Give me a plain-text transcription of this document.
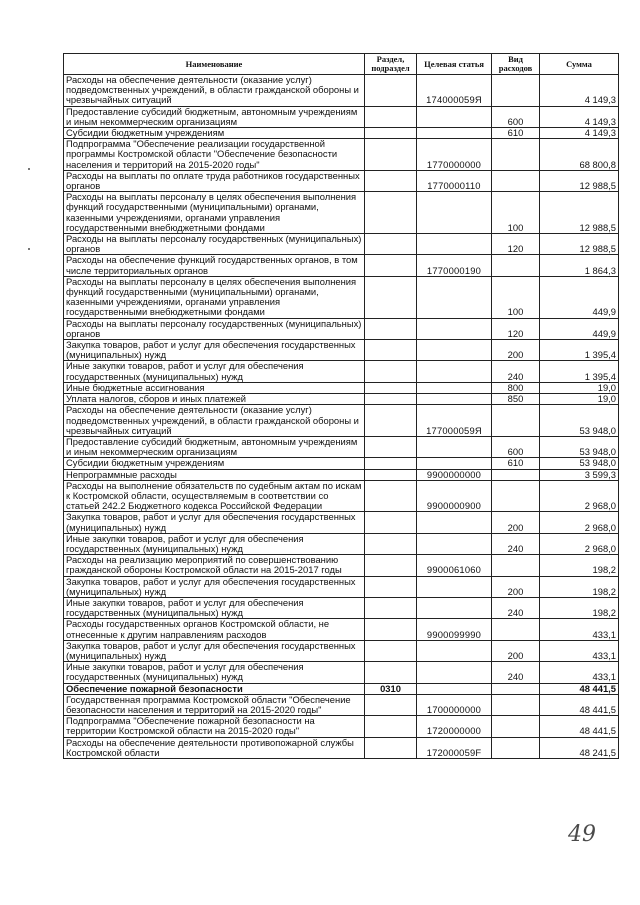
Наименование	Раздел, подраздел	Целевая статья	Вид расходов	Сумма
Расходы на обеспечение деятельности (оказание услуг) подведомственных учреждений, в области гражданской обороны и чрезвычайных ситуаций		174000059Я		4 149,3
Предоставление субсидий бюджетным, автономным учреждениям и иным некоммерческим организациям			600	4 149,3
Субсидии бюджетным учреждениям			610	4 149,3
Подпрограмма "Обеспечение реализации государственной программы Костромской области "Обеспечение безопасности населения и территорий на 2015-2020 годы"		1770000000		68 800,8
Расходы на выплаты по оплате труда работников государственных органов		1770000110		12 988,5
Расходы на выплаты персоналу в целях обеспечения выполнения функций государственными (муниципальными) органами, казенными учреждениями, органами управления государственными внебюджетными фондами			100	12 988,5
Расходы на выплаты персоналу государственных (муниципальных) органов			120	12 988,5
Расходы на обеспечение функций государственных органов, в том числе территориальных органов		1770000190		1 864,3
Расходы на выплаты персоналу в целях обеспечения выполнения функций государственными (муниципальными) органами, казенными учреждениями, органами управления государственными внебюджетными фондами			100	449,9
Расходы на выплаты персоналу государственных (муниципальных) органов			120	449,9
Закупка товаров, работ и услуг для обеспечения государственных (муниципальных) нужд			200	1 395,4
Иные закупки товаров, работ и услуг для обеспечения государственных (муниципальных) нужд			240	1 395,4
Иные бюджетные ассигнования			800	19,0
Уплата налогов, сборов и иных платежей			850	19,0
Расходы на обеспечение деятельности (оказание услуг) подведомственных учреждений, в области гражданской обороны и чрезвычайных ситуаций		177000059Я		53 948,0
Предоставление субсидий бюджетным, автономным учреждениям и иным некоммерческим организациям			600	53 948,0
Субсидии бюджетным учреждениям			610	53 948,0
Непрограммные расходы		9900000000		3 599,3
Расходы на выполнение обязательств по судебным актам по искам к Костромской области, осуществляемым в соответствии со статьей 242.2 Бюджетного кодекса Российской Федерации		9900000900		2 968,0
Закупка товаров, работ и услуг для обеспечения государственных (муниципальных) нужд			200	2 968,0
Иные закупки товаров, работ и услуг для обеспечения государственных (муниципальных) нужд			240	2 968,0
Расходы на реализацию мероприятий по совершенствованию гражданской обороны Костромской области на 2015-2017 годы		9900061060		198,2
Закупка товаров, работ и услуг для обеспечения государственных (муниципальных) нужд			200	198,2
Иные закупки товаров, работ и услуг для обеспечения государственных (муниципальных) нужд			240	198,2
Расходы государственных органов Костромской области, не отнесенные к другим направлениям расходов		9900099990		433,1
Закупка товаров, работ и услуг для обеспечения государственных (муниципальных) нужд			200	433,1
Иные закупки товаров, работ и услуг для обеспечения государственных (муниципальных) нужд			240	433,1
Обеспечение пожарной безопасности	0310			48 441,5
Государственная программа Костромской области "Обеспечение безопасности населения и территорий на 2015-2020 годы"		1700000000		48 441,5
Подпрограмма "Обеспечение пожарной безопасности на территории Костромской области на 2015-2020 годы"		1720000000		48 441,5
Расходы на обеспечение деятельности противопожарной службы Костромской области		172000059F		48 241,5
49
